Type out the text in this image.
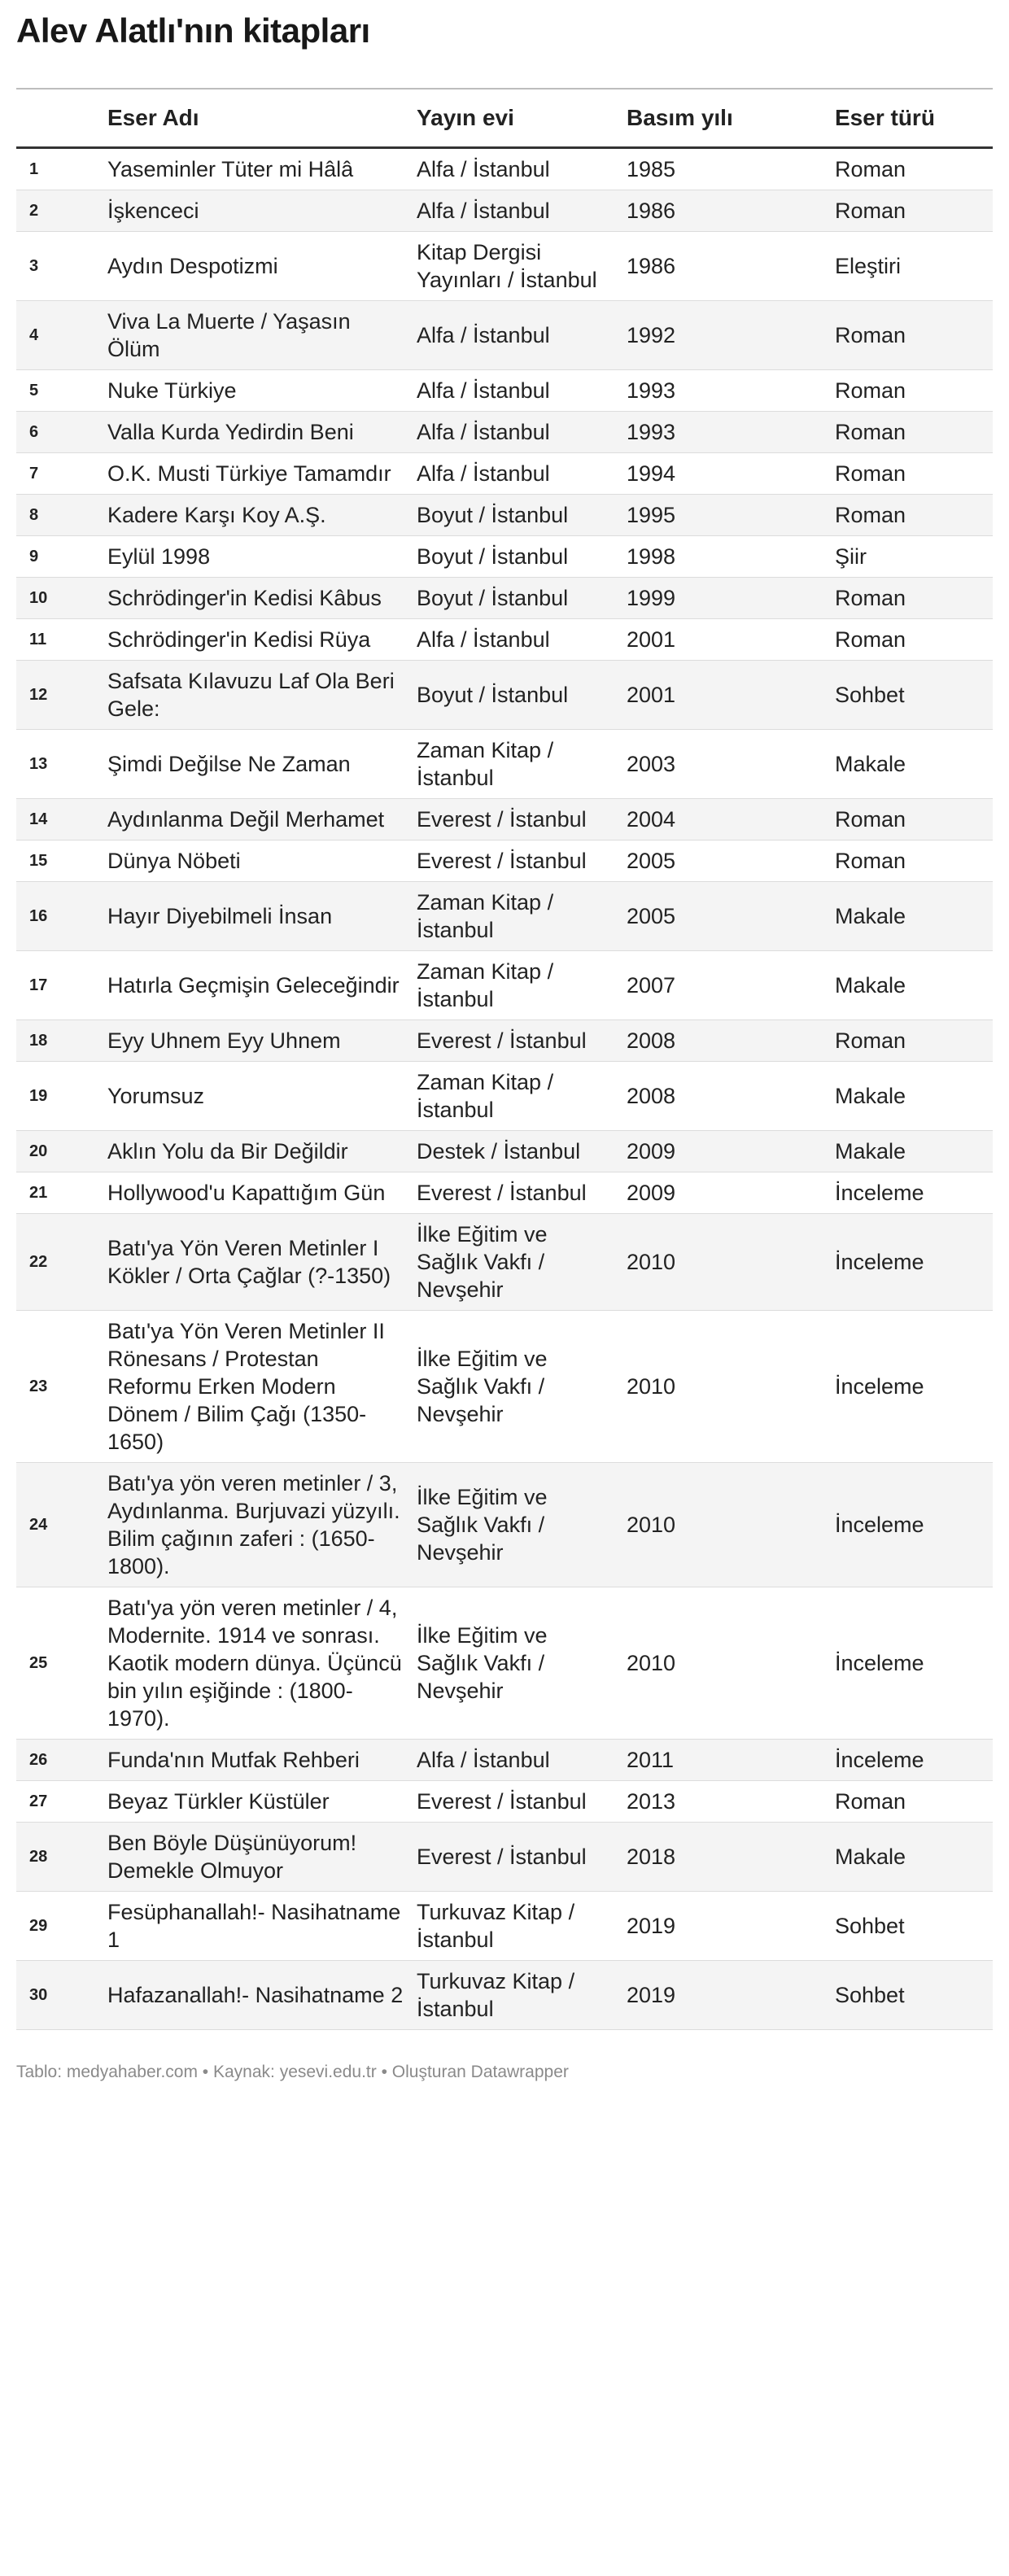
Alev Alatlı'nın kitapları
	Eser Adı	Yayın evi	Basım yılı	Eser türü
1	Yaseminler Tüter mi Hâlâ	Alfa / İstanbul	1985	Roman
2	İşkenceci	Alfa / İstanbul	1986	Roman
3	Aydın Despotizmi	Kitap Dergisi Yayınları / İstanbul	1986	Eleştiri
4	Viva La Muerte / Yaşasın Ölüm	Alfa / İstanbul	1992	Roman
5	Nuke Türkiye	Alfa / İstanbul	1993	Roman
6	Valla Kurda Yedirdin Beni	Alfa / İstanbul	1993	Roman
7	O.K. Musti Türkiye Tamamdır	Alfa / İstanbul	1994	Roman
8	Kadere Karşı Koy A.Ş.	Boyut / İstanbul	1995	Roman
9	Eylül 1998	Boyut / İstanbul	1998	Şiir
10	Schrödinger'in Kedisi Kâbus	Boyut / İstanbul	1999	Roman
11	Schrödinger'in Kedisi Rüya	Alfa / İstanbul	2001	Roman
12	Safsata Kılavuzu Laf Ola Beri Gele:	Boyut / İstanbul	2001	Sohbet
13	Şimdi Değilse Ne Zaman	Zaman Kitap / İstanbul	2003	Makale
14	Aydınlanma Değil Merhamet	Everest / İstanbul	2004	Roman
15	Dünya Nöbeti	Everest / İstanbul	2005	Roman
16	Hayır Diyebilmeli İnsan	Zaman Kitap / İstanbul	2005	Makale
17	Hatırla Geçmişin Geleceğindir	Zaman Kitap / İstanbul	2007	Makale
18	Eyy Uhnem Eyy Uhnem	Everest / İstanbul	2008	Roman
19	Yorumsuz	Zaman Kitap / İstanbul	2008	Makale
20	Aklın Yolu da Bir Değildir	Destek / İstanbul	2009	Makale
21	Hollywood'u Kapattığım Gün	Everest / İstanbul	2009	İnceleme
22	Batı'ya Yön Veren Metinler I Kökler / Orta Çağlar (?-1350)	İlke Eğitim ve Sağlık Vakfı / Nevşehir	2010	İnceleme
23	Batı'ya Yön Veren Metinler II Rönesans / Protestan Reformu Erken Modern Dönem / Bilim Çağı (1350-1650)	İlke Eğitim ve Sağlık Vakfı / Nevşehir	2010	İnceleme
24	Batı'ya yön veren metinler / 3, Aydınlanma. Burjuvazi yüzyılı. Bilim çağının zaferi : (1650-1800).	İlke Eğitim ve Sağlık Vakfı / Nevşehir	2010	İnceleme
25	Batı'ya yön veren metinler / 4, Modernite. 1914 ve sonrası. Kaotik modern dünya. Üçüncü bin yılın eşiğinde : (1800-1970).	İlke Eğitim ve Sağlık Vakfı / Nevşehir	2010	İnceleme
26	Funda'nın Mutfak Rehberi	Alfa / İstanbul	2011	İnceleme
27	Beyaz Türkler Küstüler	Everest / İstanbul	2013	Roman
28	Ben Böyle Düşünüyorum! Demekle Olmuyor	Everest / İstanbul	2018	Makale
29	Fesüphanallah!- Nasihatname 1	Turkuvaz Kitap / İstanbul	2019	Sohbet
30	Hafazanallah!- Nasihatname 2	Turkuvaz Kitap / İstanbul	2019	Sohbet
Tablo: medyahaber.com • Kaynak: yesevi.edu.tr • Oluşturan Datawrapper
